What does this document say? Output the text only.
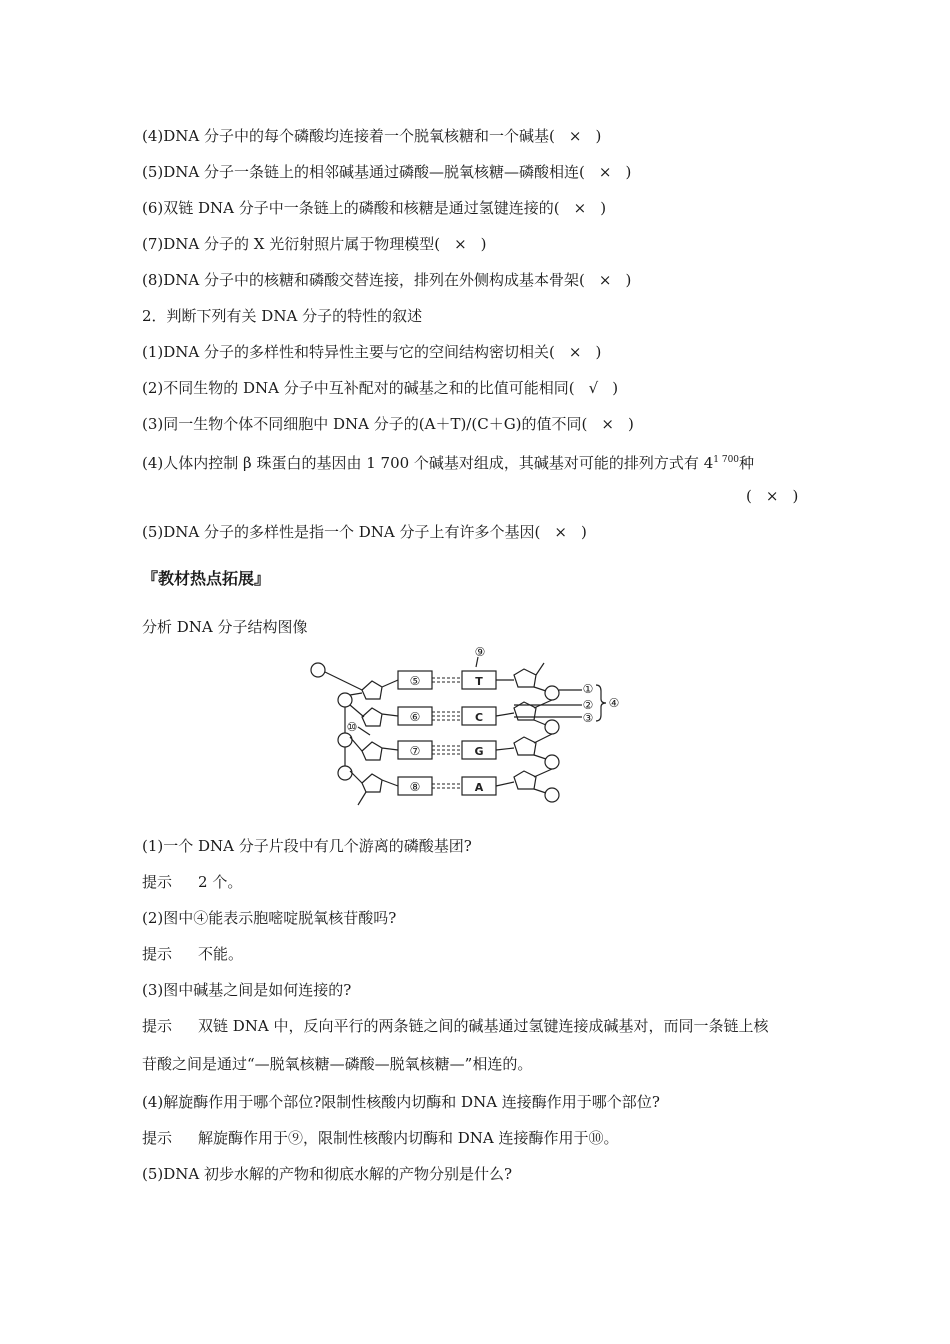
(4)DNA 分子中的每个磷酸均连接着一个脱氧核糖和一个碱基( × )
(5)DNA 分子一条链上的相邻碱基通过磷酸—脱氧核糖—磷酸相连( × )
(6)双链 DNA 分子中一条链上的磷酸和核糖是通过氢键连接的( × )
(7)DNA 分子的 X 光衍射照片属于物理模型( × )
(8)DNA 分子中的核糖和磷酸交替连接，排列在外侧构成基本骨架( × )
2．判断下列有关 DNA 分子的特性的叙述
(1)DNA 分子的多样性和特异性主要与它的空间结构密切相关( × )
(2)不同生物的 DNA 分子中互补配对的碱基之和的比值可能相同( √ )
(3)同一生物个体不同细胞中 DNA 分子的(A＋T)/(C＋G)的值不同( × )
(4)人体内控制 β 珠蛋白的基因由 1 700 个碱基对组成，其碱基对可能的排列方式有 $4^{1 700}$种
( × )
(5)DNA 分子的多样性是指一个 DNA 分子上有许多个基因( × )
『教材热点拓展』
分析 DNA 分子结构图像
⑤
⑥
⑦
⑧
T
C
G
A
⑨
⑩
①
②
③
④
(1)一个 DNA 分子片段中有几个游离的磷酸基团?
提示 2 个。
(2)图中④能表示胞嘧啶脱氧核苷酸吗?
提示 不能。
(3)图中碱基之间是如何连接的?
提示 双链 DNA 中，反向平行的两条链之间的碱基通过氢键连接成碱基对，而同一条链上核
苷酸之间是通过“—脱氧核糖—磷酸—脱氧核糖—”相连的。
(4)解旋酶作用于哪个部位?限制性核酸内切酶和 DNA 连接酶作用于哪个部位?
提示 解旋酶作用于⑨，限制性核酸内切酶和 DNA 连接酶作用于⑩。
(5)DNA 初步水解的产物和彻底水解的产物分别是什么?
